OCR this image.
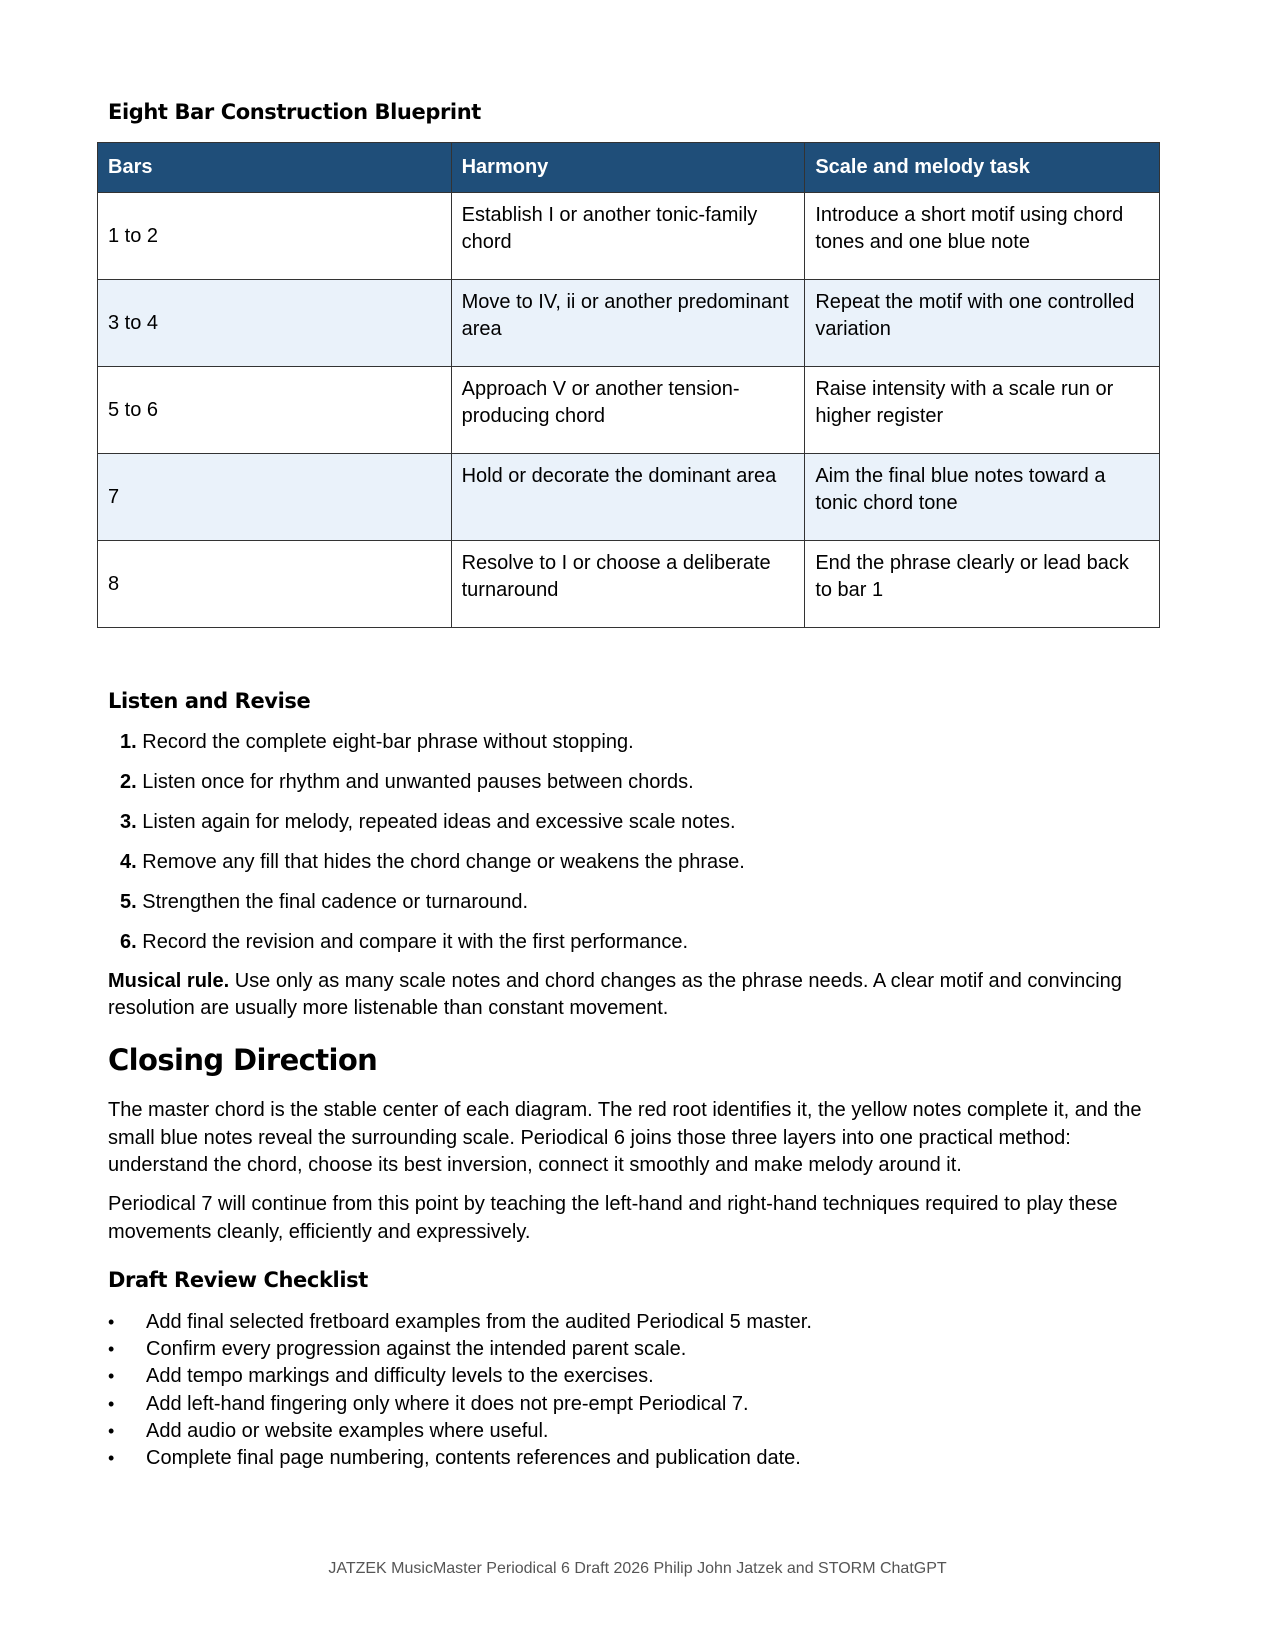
Eight Bar Construction Blueprint
Bars	Harmony	Scale and melody task
1 to 2	Establish I or another tonic-family chord	Introduce a short motif using chord tones and one blue note
3 to 4	Move to IV, ii or another predominant area	Repeat the motif with one controlled variation
5 to 6	Approach V or another tension-producing chord	Raise intensity with a scale run or higher register
7	Hold or decorate the dominant area	Aim the final blue notes toward a tonic chord tone
8	Resolve to I or choose a deliberate turnaround	End the phrase clearly or lead back to bar 1
Listen and Revise
1. Record the complete eight-bar phrase without stopping.
2. Listen once for rhythm and unwanted pauses between chords.
3. Listen again for melody, repeated ideas and excessive scale notes.
4. Remove any fill that hides the chord change or weakens the phrase.
5. Strengthen the final cadence or turnaround.
6. Record the revision and compare it with the first performance.

Musical rule. Use only as many scale notes and chord changes as the phrase needs. A clear motif and convincing resolution are usually more listenable than constant movement.

Closing Direction

The master chord is the stable center of each diagram. The red root identifies it, the yellow notes complete it, and the small blue notes reveal the surrounding scale. Periodical 6 joins those three layers into one practical method: understand the chord, choose its best inversion, connect it smoothly and make melody around it.

Periodical 7 will continue from this point by teaching the left-hand and right-hand techniques required to play these movements cleanly, efficiently and expressively.

Draft Review Checklist
• Add final selected fretboard examples from the audited Periodical 5 master.
• Confirm every progression against the intended parent scale.
• Add tempo markings and difficulty levels to the exercises.
• Add left-hand fingering only where it does not pre-empt Periodical 7.
• Add audio or website examples where useful.
• Complete final page numbering, contents references and publication date.
JATZEK MusicMaster Periodical 6 Draft 2026 Philip John Jatzek and STORM ChatGPT
